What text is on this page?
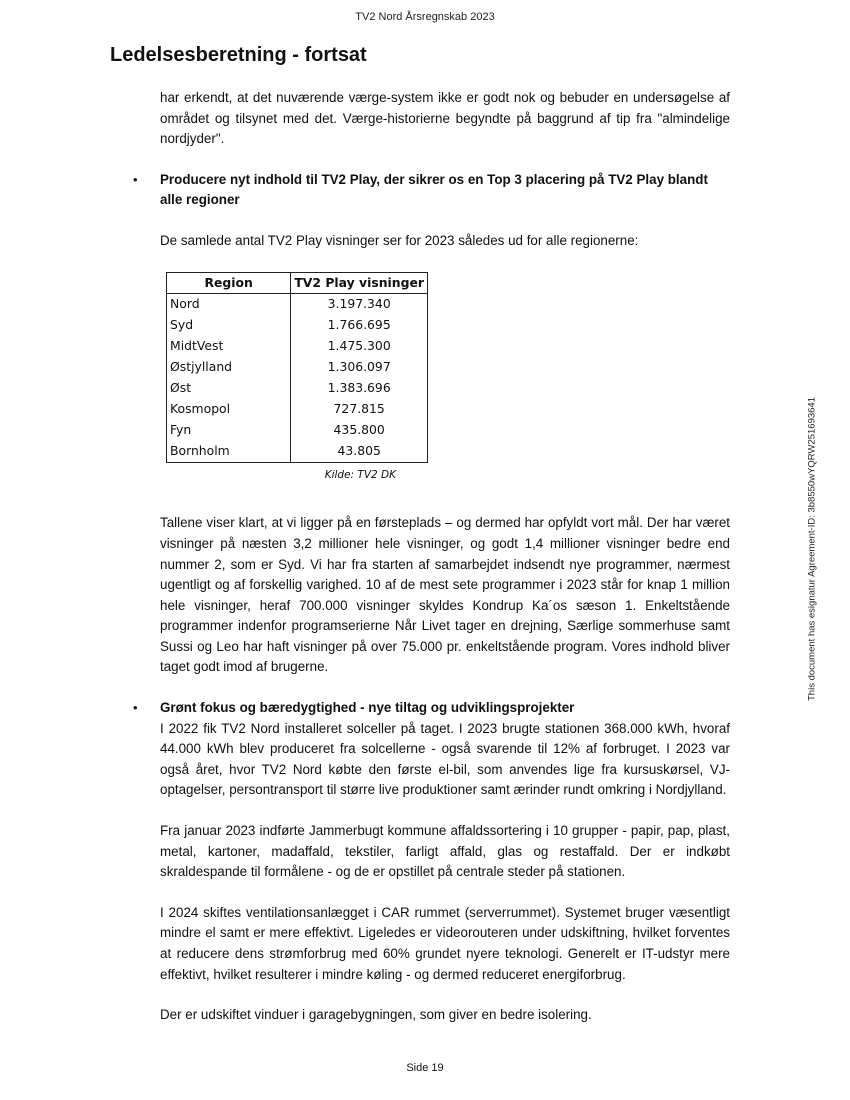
TV2 Nord Årsregnskab 2023
Ledelsesberetning - fortsat

har erkendt, at det nuværende værge-system ikke er godt nok og bebuder en undersøgelse af området og tilsynet med det. Værge-historierne begyndte på baggrund af tip fra "almindelige nordjyder".

• Producere nyt indhold til TV2 Play, der sikrer os en Top 3 placering på TV2 Play blandt alle regioner

De samlede antal TV2 Play visninger ser for 2023 således ud for alle regionerne:

Region	TV2 Play visninger
Nord	3.197.340
Syd	1.766.695
MidtVest	1.475.300
Østjylland	1.306.097
Øst	1.383.696
Kosmopol	727.815
Fyn	435.800
Bornholm	43.805
Kilde: TV2 DK

Tallene viser klart, at vi ligger på en førsteplads – og dermed har opfyldt vort mål. Der har været visninger på næsten 3,2 millioner hele visninger, og godt 1,4 millioner visninger bedre end nummer 2, som er Syd. Vi har fra starten af samarbejdet indsendt nye programmer, nærmest ugentligt og af forskellig varighed. 10 af de mest sete programmer i 2023 står for knap 1 million hele visninger, heraf 700.000 visninger skyldes Kondrup Ka´os sæson 1. Enkeltstående programmer indenfor programserierne Når Livet tager en drejning, Særlige sommerhuse samt Sussi og Leo har haft visninger på over 75.000 pr. enkeltstående program. Vores indhold bliver taget godt imod af brugerne.

• Grønt fokus og bæredygtighed - nye tiltag og udviklingsprojekter

I 2022 fik TV2 Nord installeret solceller på taget. I 2023 brugte stationen 368.000 kWh, hvoraf 44.000 kWh blev produceret fra solcellerne - også svarende til 12% af forbruget. I 2023 var også året, hvor TV2 Nord købte den første el-bil, som anvendes lige fra kursuskørsel, VJ-optagelser, persontransport til større live produktioner samt ærinder rundt omkring i Nordjylland.

Fra januar 2023 indførte Jammerbugt kommune affaldssortering i 10 grupper - papir, pap, plast, metal, kartoner, madaffald, tekstiler, farligt affald, glas og restaffald. Der er indkøbt skraldespande til formålene - og de er opstillet på centrale steder på stationen.

I 2024 skiftes ventilationsanlægget i CAR rummet (serverrummet). Systemet bruger væsentligt mindre el samt er mere effektivt. Ligeledes er videorouteren under udskiftning, hvilket forventes at reducere dens strømforbrug med 60% grundet nyere teknologi. Generelt er IT-udstyr mere effektivt, hvilket resulterer i mindre køling - og dermed reduceret energiforbrug.

Der er udskiftet vinduer i garagebygningen, som giver en bedre isolering.

This document has esignatur Agreement-ID: 3b8550wYQRW251693641
Side 19
